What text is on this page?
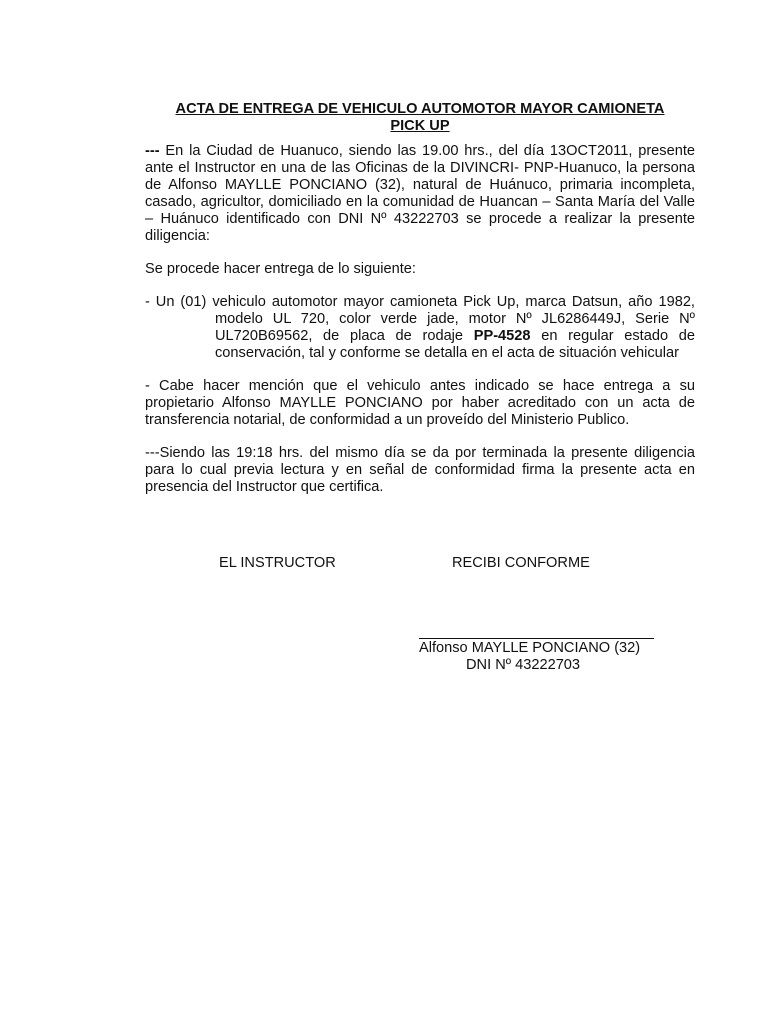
ACTA DE ENTREGA DE VEHICULO AUTOMOTOR MAYOR CAMIONETA
PICK UP

--- En la Ciudad de Huanuco, siendo las 19.00 hrs., del día 13OCT2011, presente ante el Instructor en una de las Oficinas de la DIVINCRI- PNP-Huanuco, la persona de Alfonso MAYLLE PONCIANO (32), natural de Huánuco, primaria incompleta, casado, agricultor, domiciliado en la comunidad de Huancan – Santa María del Valle – Huánuco identificado con DNI Nº 43222703 se procede a realizar la presente diligencia:

Se procede hacer entrega de lo siguiente:

- Un (01) vehiculo automotor mayor camioneta Pick Up, marca Datsun, año 1982, modelo UL 720, color verde jade, motor Nº JL6286449J, Serie Nº UL720B69562, de placa de rodaje PP-4528 en regular estado de conservación, tal y conforme se detalla en el acta de situación vehicular

- Cabe hacer mención que el vehiculo antes indicado se hace entrega a su propietario Alfonso MAYLLE PONCIANO por haber acreditado con un acta de transferencia notarial, de conformidad a un proveído del Ministerio Publico.

---Siendo las 19:18 hrs. del mismo día se da por terminada la presente diligencia para lo cual previa lectura y en señal de conformidad firma la presente acta en presencia del Instructor que certifica.

EL INSTRUCTOR	RECIBI CONFORME
Alfonso MAYLLE PONCIANO (32)
DNI Nº 43222703
